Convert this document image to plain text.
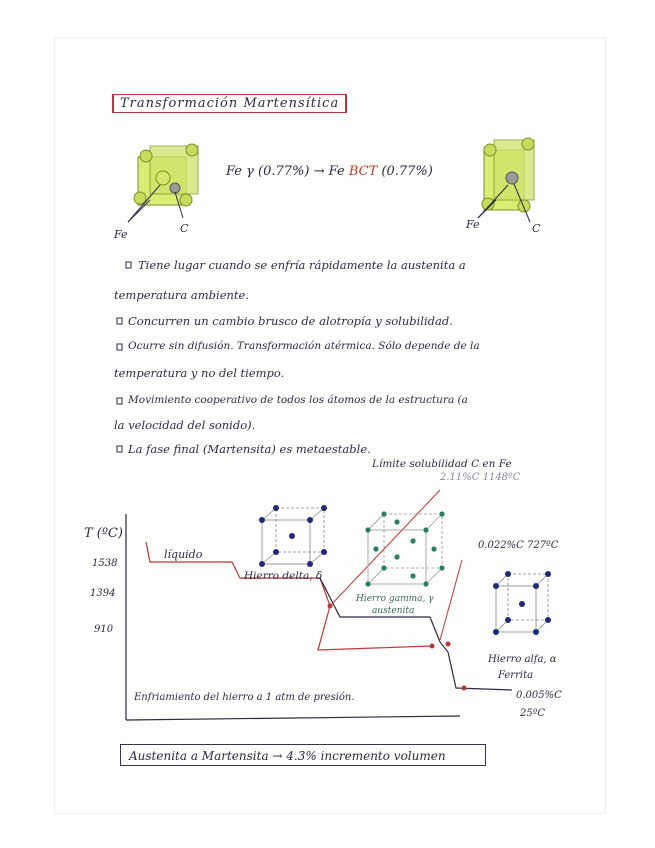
Transformación Martensítica
Fe γ (0.77%) → Fe BCT (0.77%)
Fe	C	Fe	C
Tiene lugar cuando se enfría rápidamente la austenita a
temperatura ambiente.
Concurren un cambio brusco de alotropía y solubilidad.
Ocurre sin difusión. Transformación atérmica. Sólo depende de la
temperatura y no del tiempo.
Movimiento cooperativo de todos los átomos de la estructura (a
la velocidad del sonido).
La fase final (Martensita) es metaestable.
T (ºC)
1538
1394
910
líquido
Hierro delta, δ
Hierro gamma, γ
austenita
Límite solubilidad C en Fe
2.11%C 1148ºC
0.022%C 727ºC
Hierro alfa, α
Ferrita
0.005%C
25ºC
Enfriamiento del hierro a 1 atm de presión.
Austenita a Martensita → 4.3% incremento volumen
